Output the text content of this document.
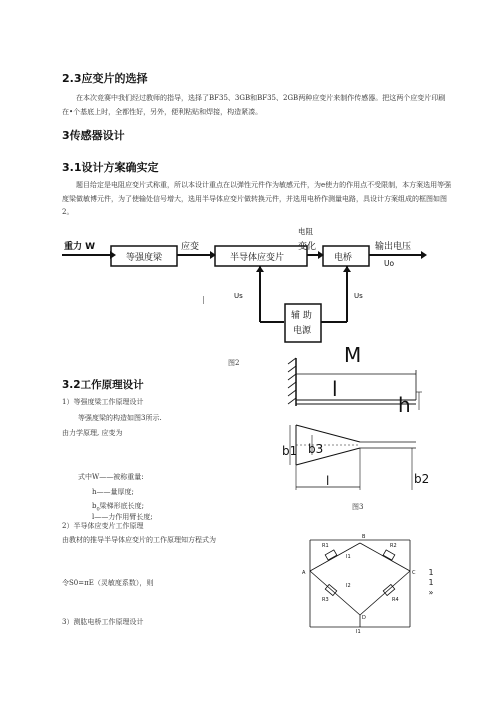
2.3应变片的选择
在本次竞赛中我们经过教师的指导，选择了BF35、3GB和BF35、2GB两种应变片来制作传感器。把这两个应变片印刷在•个基底上时，全都性好，另外，便利粘贴和焊接，构造紧凑。
3传感器设计
3.1设计方案确实定
题目给定是电阻应变片式称重，所以本设计重点在以弹性元件作为敏感元件，为е使力的作用点不受限制，本方案选用等强度梁做敏博元件，为了使输处信号增大，选用半导体应变片做转换元件，并选用电桥作测量电路，具设计方案组成的框图如图2。
重力 W
等强度梁
应变
半导体应变片
电阻
变化
电桥
输出电压
Uo
Us	Us
辅 助
电源
|
图2
3.2工作原理设计
1）等强度梁工作原理设计
等强度梁的构造如图3所示.
由力学原理, 应变为
式中W——被称重量:
h——量厚度;
$b_0$梁梯形底长度;
l——力作用臂长度;
2）半导体应变片工作原理
由教材的推导半导体应变片的工作原理知方程式为
令S0=πE（灵敏度系数），则
3）测肱电桥工作原理设计
M
l
h
b1 b3
l	b2
图3
R1	R2
R3	R4
I1
I2
A
B
C
D
I1
1
1
»
